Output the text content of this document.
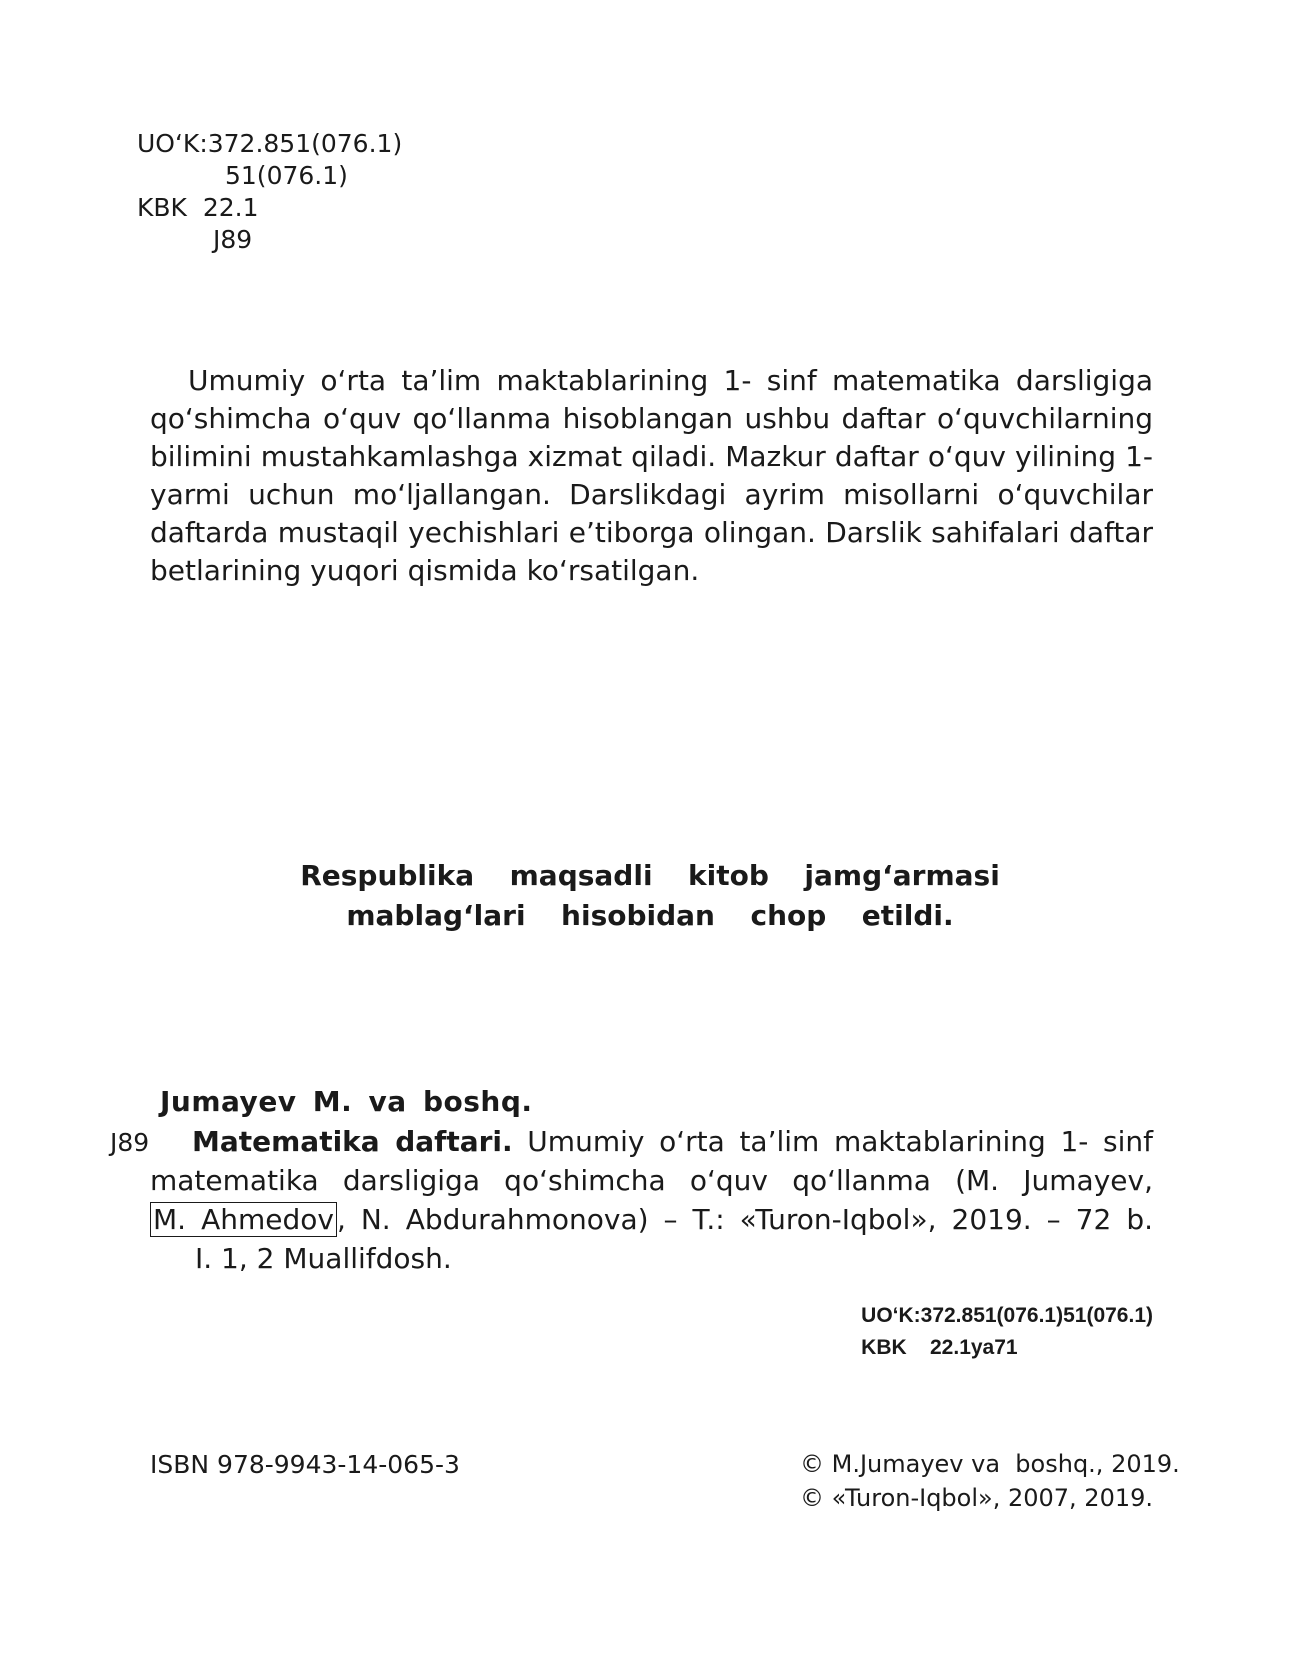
UO‘K:372.851(076.1)
51(076.1)
KBK 22.1
J89

Umumiy o‘rta ta’lim maktablarining 1- sinf matematika darsligiga qo‘shimcha o‘quv qo‘llanma hisoblangan ushbu daftar o‘quvchilarning bilimini mustahkamlashga xizmat qiladi. Mazkur daftar o‘quv yilining 1-yarmi uchun mo‘ljallangan. Darslikdagi ayrim misollarni o‘quvchilar daftarda mustaqil yechishlari e’tiborga olingan. Darslik sahifalari daftar betlarining yuqori qismida ko‘rsatilgan.

Respublika  maqsadli  kitob  jamg‘armasi
mablag‘lari  hisobidan  chop  etildi.
Jumayev M. va boshq.
J89	Matematika daftari. Umumiy o‘rta ta’lim maktablarining 1- sinf

matematika darsligiga qo‘shimcha o‘quv qo‘llanma (M. Jumayev,

M. Ahmedov , N. Abdurahmonova) – T.: «Turon-Iqbol», 2019. – 72 b.

I. 1, 2 Muallifdosh.

UO‘K:372.851(076.1)51(076.1)
KBK 22.1ya71
ISBN 978-9943-14-065-3	© M.Jumayev va  boshq., 2019.
© «Turon-Iqbol», 2007, 2019.
